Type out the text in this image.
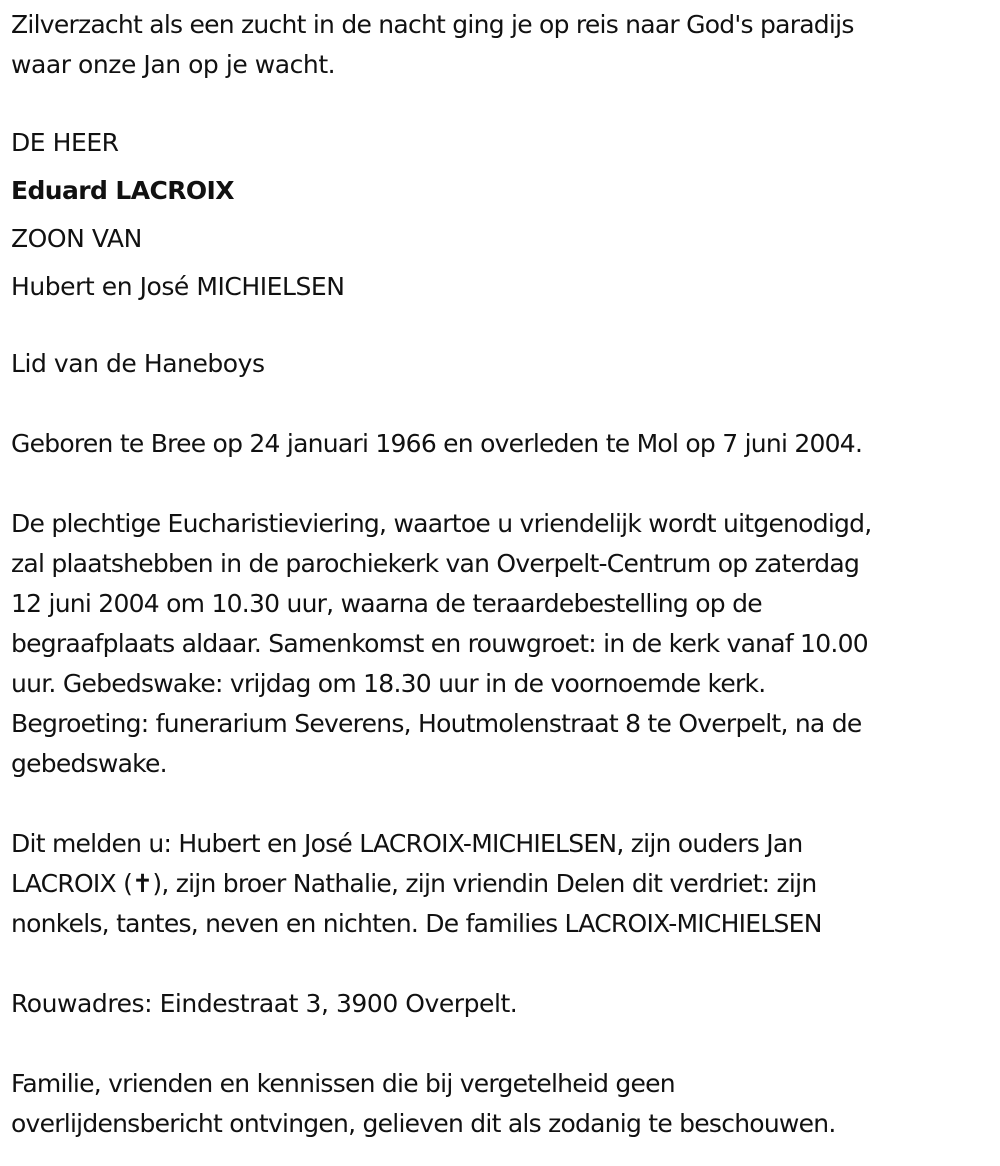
Zilverzacht als een zucht in de nacht ging je op reis naar God's paradijs
waar onze Jan op je wacht.
DE HEER
Eduard LACROIX
ZOON VAN
Hubert en José MICHIELSEN
Lid van de Haneboys
Geboren te Bree op 24 januari 1966 en overleden te Mol op 7 juni 2004.
De plechtige Eucharistieviering, waartoe u vriendelijk wordt uitgenodigd,
zal plaatshebben in de parochiekerk van Overpelt-Centrum op zaterdag
12 juni 2004 om 10.30 uur, waarna de teraardebestelling op de
begraafplaats aldaar. Samenkomst en rouwgroet: in de kerk vanaf 10.00
uur. Gebedswake: vrijdag om 18.30 uur in de voornoemde kerk.
Begroeting: funerarium Severens, Houtmolenstraat 8 te Overpelt, na de
gebedswake.
Dit melden u: Hubert en José LACROIX-MICHIELSEN, zijn ouders Jan
LACROIX (✝), zijn broer Nathalie, zijn vriendin Delen dit verdriet: zijn
nonkels, tantes, neven en nichten. De families LACROIX-MICHIELSEN
Rouwadres: Eindestraat 3, 3900 Overpelt.
Familie, vrienden en kennissen die bij vergetelheid geen
overlijdensbericht ontvingen, gelieven dit als zodanig te beschouwen.
